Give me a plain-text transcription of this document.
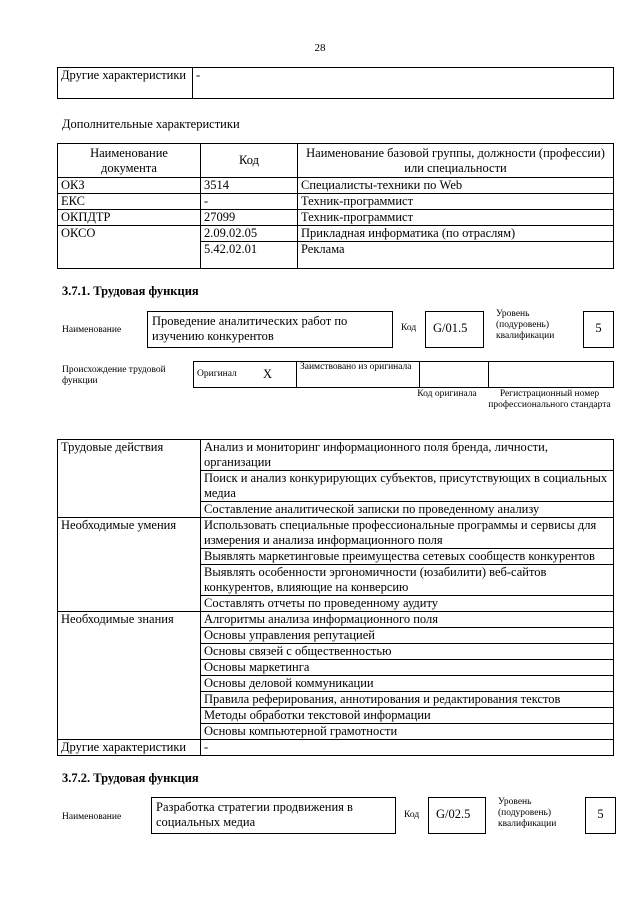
28
Другие характеристики	-
Дополнительные характеристики
Наименование документа	Код	Наименование базовой группы, должности (профессии) или специальности
ОКЗ	3514	Специалисты-техники по Web
ЕКС	-	Техник-программист
ОКПДТР	27099	Техник-программист
ОКСО	2.09.02.05	Прикладная информатика (по отраслям)
	5.42.02.01	Реклама
3.7.1. Трудовая функция
Наименование
Проведение аналитических работ по изучению конкурентов
Код	G/01.5
Уровень (подуровень) квалификации
5
Происхождение трудовой функции
Оригинал	X	Заимствовано из оригинала		
Код оригинала	Регистрационный номер профессионального стандарта
Трудовые действия	Анализ и мониторинг информационного поля бренда, личности, организации
	Поиск и анализ конкурирующих субъектов, присутствующих в социальных медиа
	Составление аналитической записки по проведенному анализу
Необходимые умения	Использовать специальные профессиональные программы и сервисы для измерения и анализа информационного поля
	Выявлять маркетинговые преимущества сетевых сообществ конкурентов
	Выявлять особенности эргономичности (юзабилити) веб-сайтов конкурентов, влияющие на конверсию
	Составлять отчеты по проведенному аудиту
Необходимые знания	Алгоритмы анализа информационного поля
	Основы управления репутацией
	Основы связей с общественностью
	Основы маркетинга
	Основы деловой коммуникации
	Правила реферирования, аннотирования и редактирования текстов
	Методы обработки текстовой информации
	Основы компьютерной грамотности
Другие характеристики	-
3.7.2. Трудовая функция
Наименование
Разработка стратегии продвижения в социальных медиа	Код	G/02.5
Уровень (подуровень) квалификации
5
